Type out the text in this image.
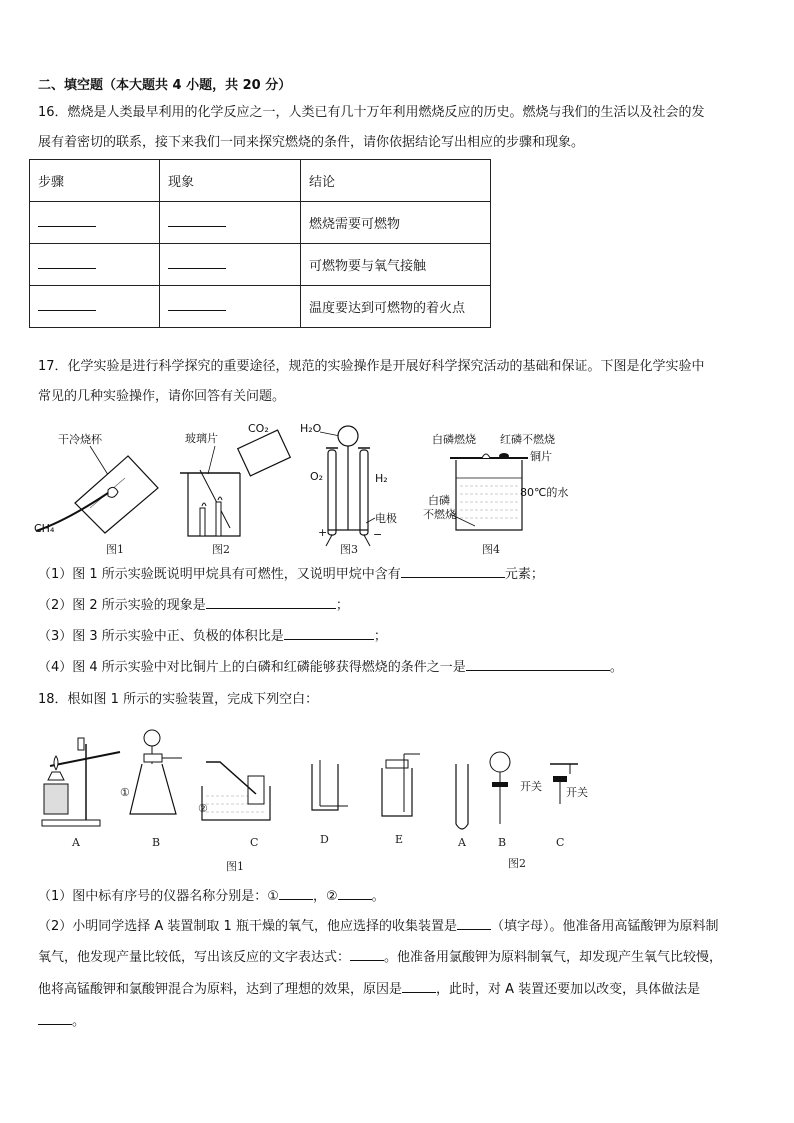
二、填空题（本大题共 4 小题，共 20 分）
16．燃烧是人类最早利用的化学反应之一，人类已有几十万年利用燃烧反应的历史。燃烧与我们的生活以及社会的发
展有着密切的联系，接下来我们一同来探究燃烧的条件，请你依据结论写出相应的步骤和现象。
步骤	现象	结论
		燃烧需要可燃物
		可燃物要与氧气接触
		温度要达到可燃物的着火点
17．化学实验是进行科学探究的重要途径，规范的实验操作是开展好科学探究活动的基础和保证。下图是化学实验中
常见的几种实验操作，请你回答有关问题。
干冷烧杯
CH₄
玻璃片
CO₂	H₂O
O₂	H₂
电极
+	−
白磷燃烧 红磷不燃烧
铜片
80℃的水
白磷
不燃烧
图1	图2	图3	图4
（1）图 1 所示实验既说明甲烷具有可燃性，又说明甲烷中含有	元素；
（2）图 2 所示实验的现象是	；
（3）图 3 所示实验中正、负极的体积比是	；
（4）图 4 所示实验中对比铜片上的白磷和红磷能够获得燃烧的条件之一是	。
18．根如图 1 所示的实验装置，完成下列空白：
①
②
开关 开关
A	B	C	D	E	A	B	C
图1	图2
（1）图中标有序号的仪器名称分别是：①	，②	。
（2）小明同学选择 A 装置制取 1 瓶干燥的氧气，他应选择的收集装置是	（填字母）。他准备用高锰酸钾为原料制
氧气，他发现产量比较低，写出该反应的文字表达式：	。他准备用氯酸钾为原料制氧气，却发现产生氧气比较慢，
他将高锰酸钾和氯酸钾混合为原料，达到了理想的效果，原因是	，此时，对 A 装置还要加以改变，具体做法是
。
